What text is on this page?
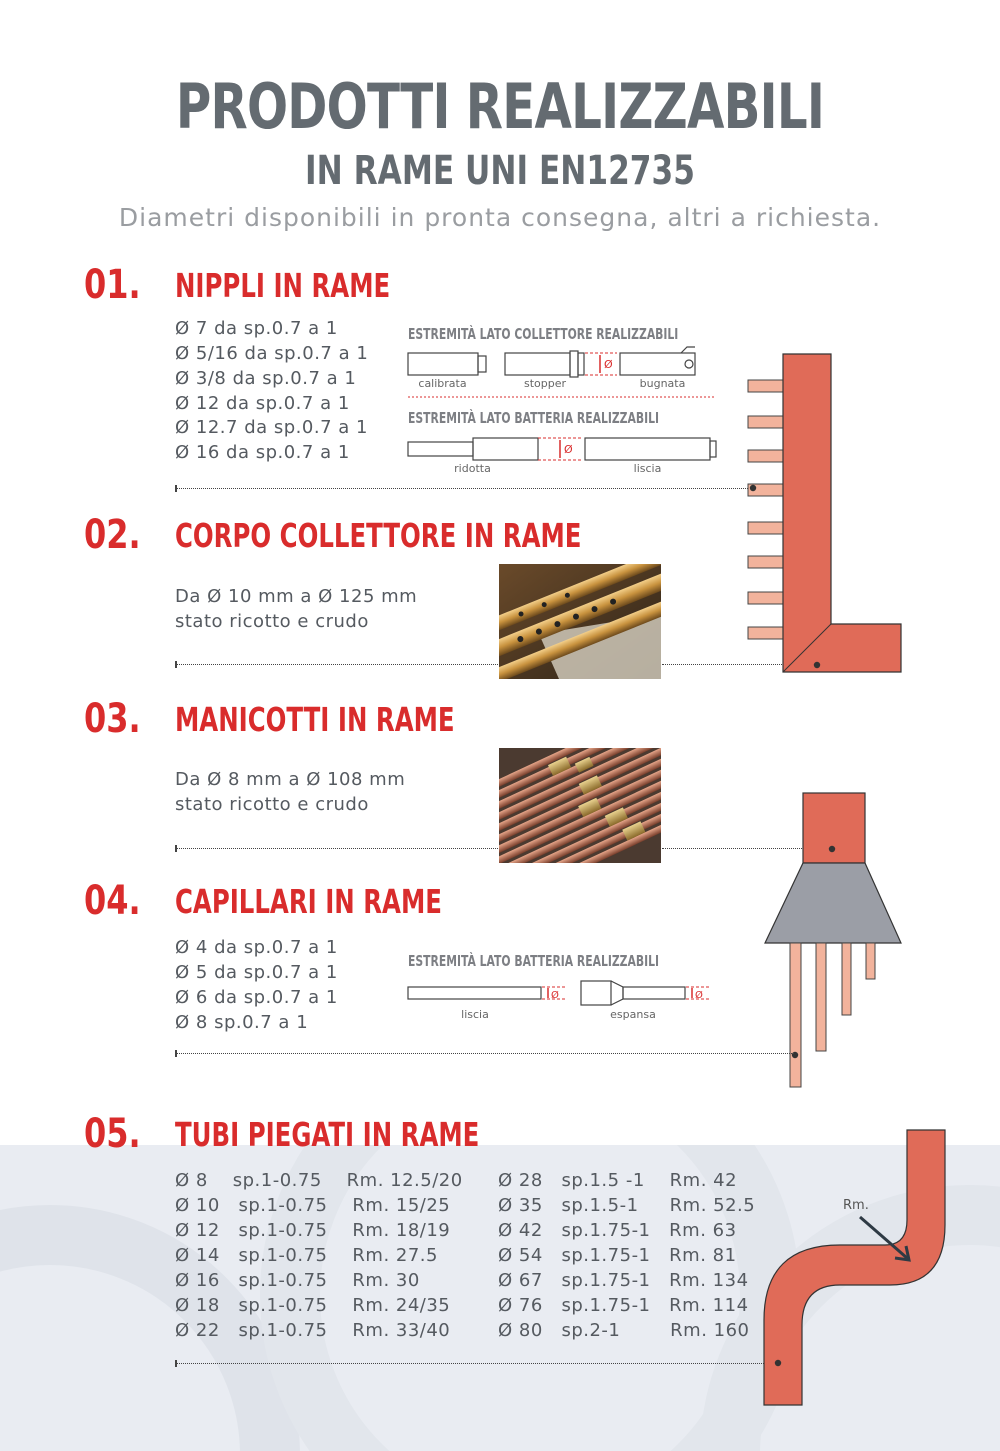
PRODOTTI REALIZZABILI
IN RAME UNI EN12735
Diametri disponibili in pronta consegna, altri a richiesta.
01. NIPPLI IN RAME
Ø 7 da sp.0.7 a 1
Ø 5/16 da sp.0.7 a 1
Ø 3/8 da sp.0.7 a 1
Ø 12 da sp.0.7 a 1
Ø 12.7 da sp.0.7 a 1
Ø 16 da sp.0.7 a 1
ESTREMITÀ LATO COLLETTORE REALIZZABILI
Ø
calibrata	stopper	bugnata
ESTREMITÀ LATO BATTERIA REALIZZABILI
Ø
ridotta	liscia
02. CORPO COLLETTORE IN RAME
Da Ø 10 mm a Ø 125 mm
stato ricotto e crudo
03. MANICOTTI IN RAME
Da Ø 8 mm a Ø 108 mm
stato ricotto e crudo
04. CAPILLARI IN RAME
Ø 4 da sp.0.7 a 1
Ø 5 da sp.0.7 a 1
Ø 6 da sp.0.7 a 1
Ø 8 sp.0.7 a 1
ESTREMITÀ LATO BATTERIA REALIZZABILI
Ø	Ø
liscia	espansa
05. TUBI PIEGATI IN RAME
Ø 8    sp.1-0.75    Rm. 12.5/20
Ø 10   sp.1-0.75    Rm. 15/25
Ø 12   sp.1-0.75    Rm. 18/19
Ø 14   sp.1-0.75    Rm. 27.5
Ø 16   sp.1-0.75    Rm. 30
Ø 18   sp.1-0.75    Rm. 24/35
Ø 22   sp.1-0.75    Rm. 33/40
Ø 28   sp.1.5 -1    Rm. 42
Ø 35   sp.1.5-1     Rm. 52.5
Ø 42   sp.1.75-1   Rm. 63
Ø 54   sp.1.75-1   Rm. 81
Ø 67   sp.1.75-1   Rm. 134
Ø 76   sp.1.75-1   Rm. 114
Ø 80   sp.2-1        Rm. 160
Rm.
